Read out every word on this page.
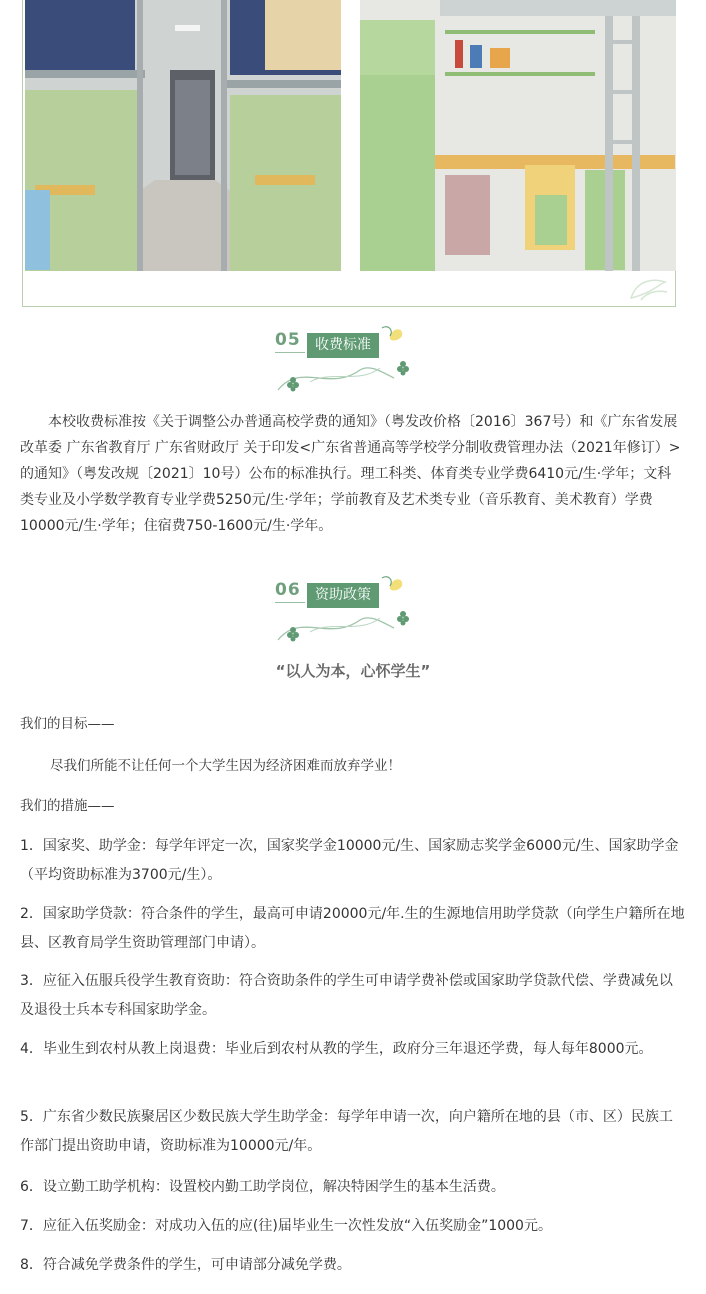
05	收费标准

本校收费标准按《关于调整公办普通高校学费的通知》（粤发改价格〔2016〕367号）和《广东省发展改革委 广东省教育厅 广东省财政厅 关于印发<广东省普通高等学校学分制收费管理办法（2021年修订）>的通知》（粤发改规〔2021〕10号）公布的标准执行。理工科类、体育类专业学费6410元/生·学年；文科类专业及小学数学教育专业学费5250元/生·学年；学前教育及艺术类专业（音乐教育、美术教育）学费 10000元/生·学年；住宿费750-1600元/生·学年。

06	资助政策
“以人为本，心怀学生”
我们的目标——
尽我们所能不让任何一个大学生因为经济困难而放弃学业！
我们的措施——
1．国家奖、助学金：每学年评定一次，国家奖学金10000元/生、国家励志奖学金6000元/生、国家助学金（平均资助标准为3700元/生）。
2．国家助学贷款：符合条件的学生，最高可申请20000元/年.生的生源地信用助学贷款（向学生户籍所在地县、区教育局学生资助管理部门申请）。
3．应征入伍服兵役学生教育资助：符合资助条件的学生可申请学费补偿或国家助学贷款代偿、学费减免以及退役士兵本专科国家助学金。
4．毕业生到农村从教上岗退费：毕业后到农村从教的学生，政府分三年退还学费，每人每年8000元。
5．广东省少数民族聚居区少数民族大学生助学金：每学年申请一次，向户籍所在地的县（市、区）民族工作部门提出资助申请，资助标准为10000元/年。
6．设立勤工助学机构：设置校内勤工助学岗位，解决特困学生的基本生活费。
7．应征入伍奖励金：对成功入伍的应(往)届毕业生一次性发放“入伍奖励金”1000元。
8．符合减免学费条件的学生，可申请部分减免学费。
